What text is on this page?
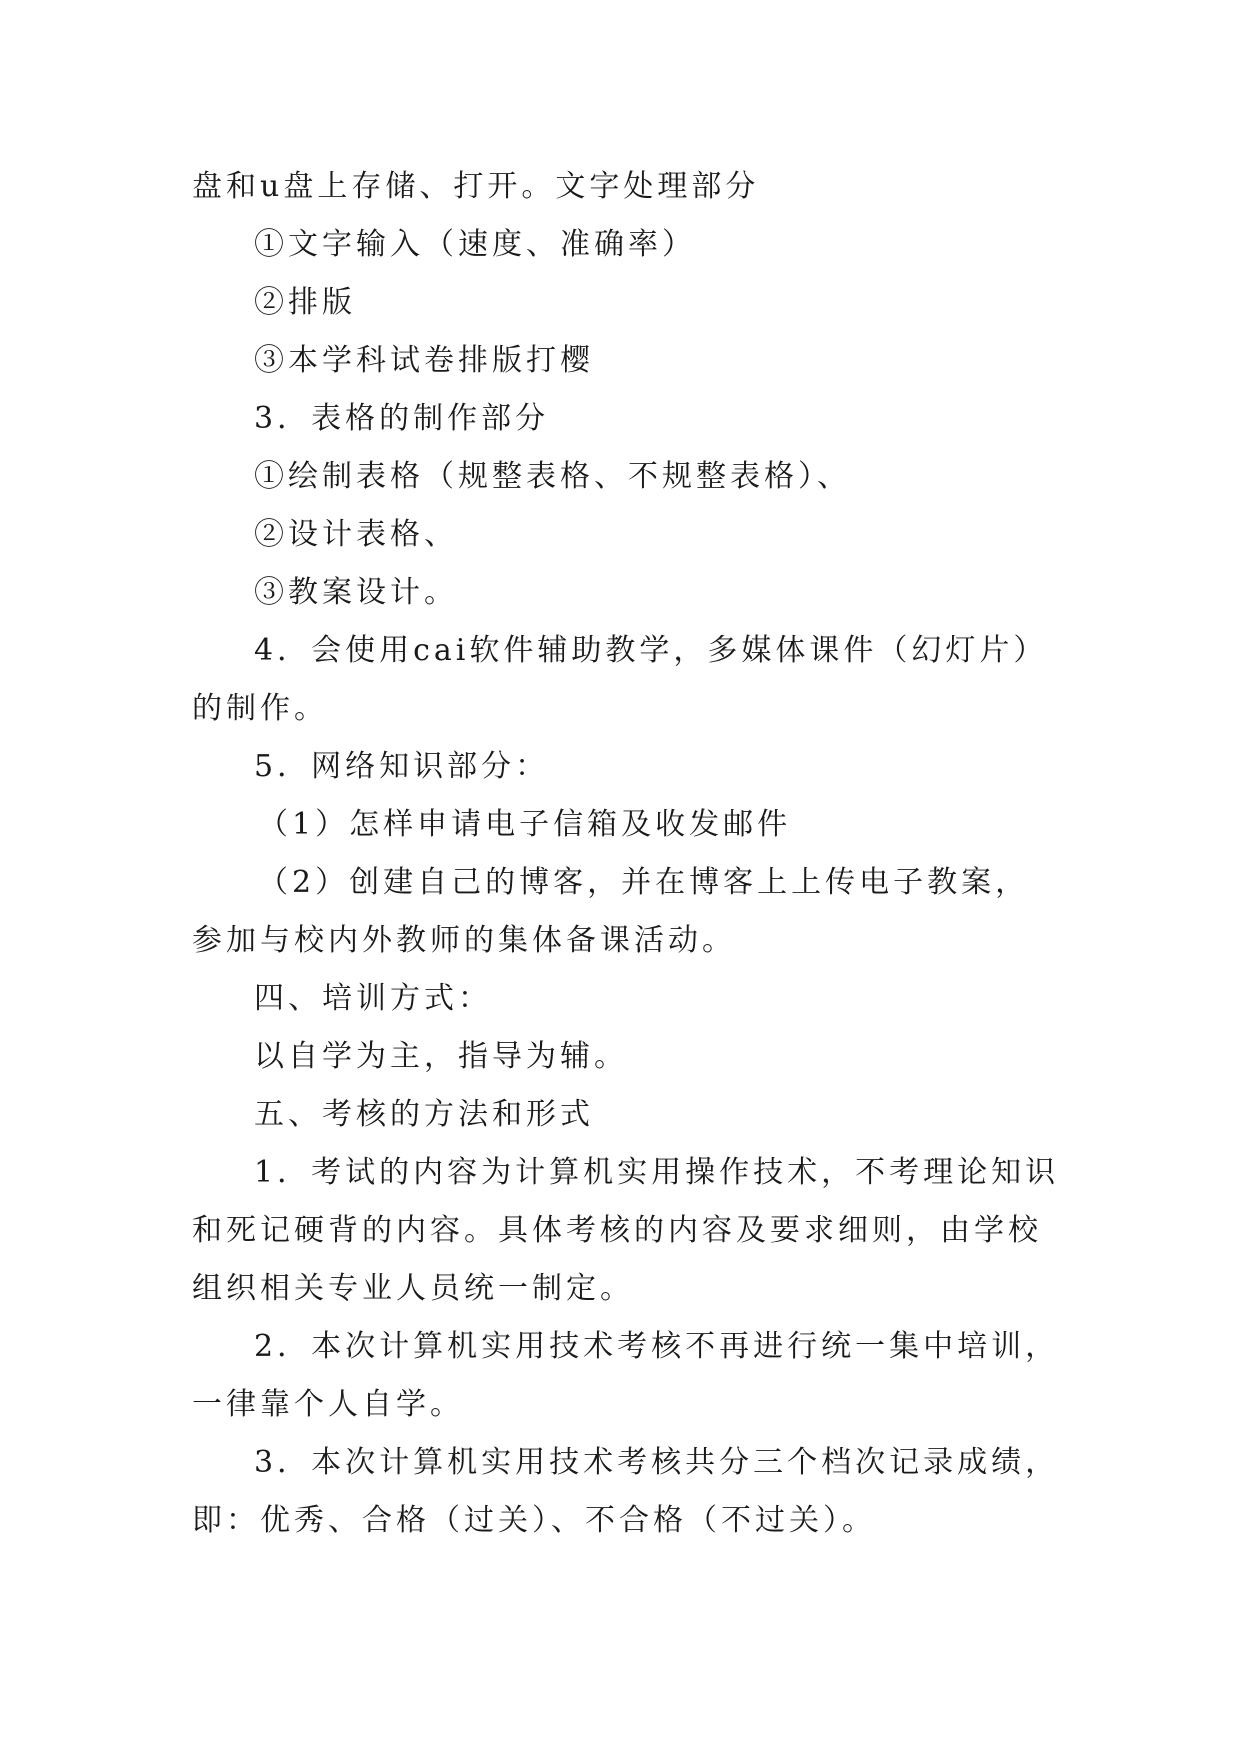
盘和u盘上存储、打开。文字处理部分

①文字输入（速度、准确率）

②排版

③本学科试卷排版打樱

3．表格的制作部分

①绘制表格（规整表格、不规整表格）、

②设计表格、

③教案设计。

4．会使用cai软件辅助教学，多媒体课件（幻灯片）的制作。

5．网络知识部分：

（1）怎样申请电子信箱及收发邮件

（2）创建自己的博客，并在博客上上传电子教案，参加与校内外教师的集体备课活动。

四、培训方式：

以自学为主，指导为辅。

五、考核的方法和形式

1．考试的内容为计算机实用操作技术，不考理论知识和死记硬背的内容。具体考核的内容及要求细则，由学校组织相关专业人员统一制定。

2．本次计算机实用技术考核不再进行统一集中培训，一律靠个人自学。

3．本次计算机实用技术考核共分三个档次记录成绩，即：优秀、合格（过关）、不合格（不过关）。
